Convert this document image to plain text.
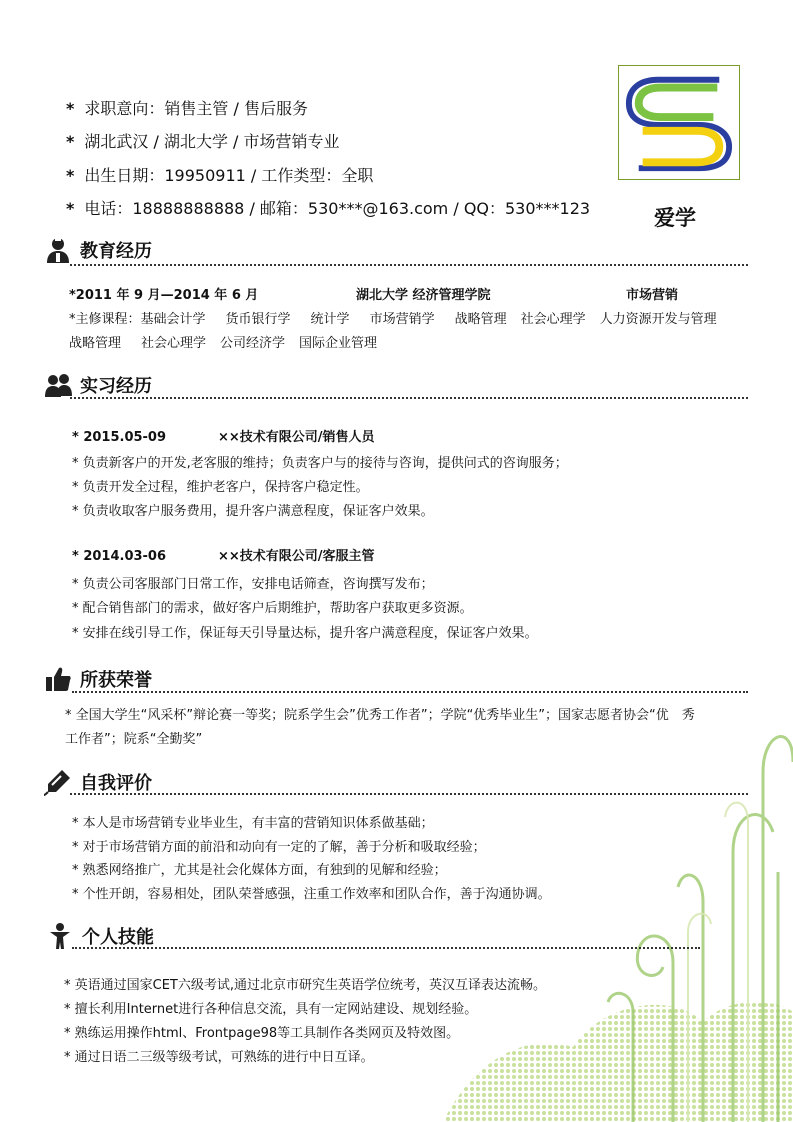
* 求职意向：销售主管 / 售后服务
* 湖北武汉 / 湖北大学 / 市场营销专业
* 出生日期：19950911 / 工作类型：全职
* 电话：18888888888 / 邮箱：530***@163.com / QQ：530***123	爱学
教育经历
*2011 年 9 月—2014 年 6 月	湖北大学 经济管理学院	市场营销
*主修课程：基础会计学 货币银行学 统计学 市场营销学 战略管理 社会心理学 人力资源开发与管理
战略管理 社会心理学 公司经济学 国际企业管理
实习经历
* 2015.05-09	××技术有限公司/销售人员
* 负责新客户的开发,老客服的维持；负责客户与的接待与咨询，提供问式的咨询服务；
* 负责开发全过程，维护老客户，保持客户稳定性。
* 负责收取客户服务费用，提升客户满意程度，保证客户效果。
* 2014.03-06	××技术有限公司/客服主管
* 负责公司客服部门日常工作，安排电话筛查，咨询撰写发布；
* 配合销售部门的需求，做好客户后期维护，帮助客户获取更多资源。
* 安排在线引导工作，保证每天引导量达标，提升客户满意程度，保证客户效果。
所获荣誉
* 全国大学生“风采杯”辩论赛一等奖；院系学生会”优秀工作者”；学院“优秀毕业生”；国家志愿者协会“优　秀
工作者”；院系“全勤奖”
自我评价
* 本人是市场营销专业毕业生，有丰富的营销知识体系做基础；
* 对于市场营销方面的前沿和动向有一定的了解，善于分析和吸取经验；
* 熟悉网络推广，尤其是社会化媒体方面，有独到的见解和经验；
* 个性开朗，容易相处，团队荣誉感强，注重工作效率和团队合作，善于沟通协调。
个人技能
* 英语通过国家CET六级考试,通过北京市研究生英语学位统考，英汉互译表达流畅。
* 擅长利用Internet进行各种信息交流，具有一定网站建设、规划经验。
* 熟练运用操作html、Frontpage98等工具制作各类网页及特效图。
* 通过日语二三级等级考试，可熟练的进行中日互译。
